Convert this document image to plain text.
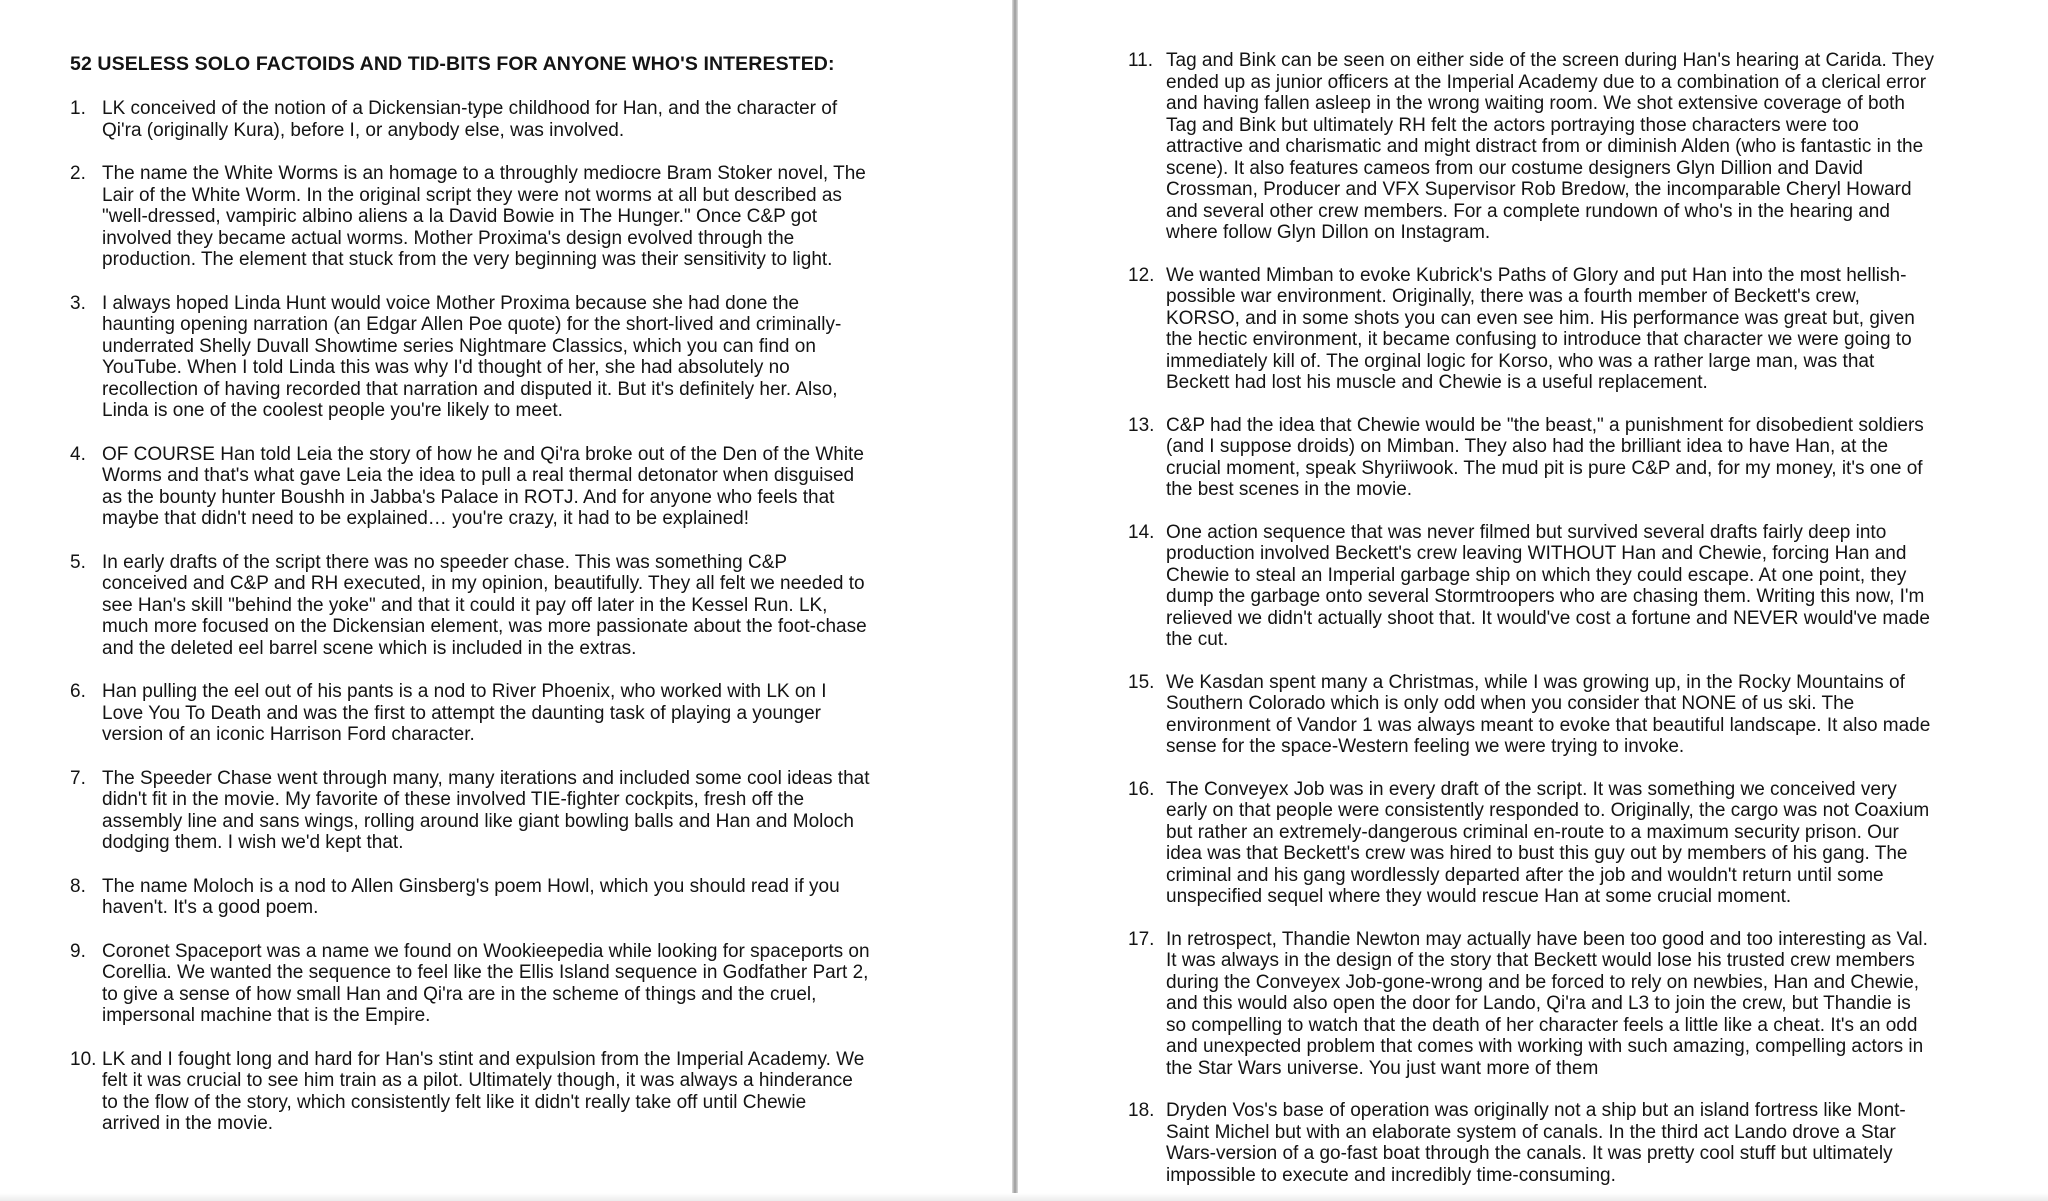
52 USELESS SOLO FACTOIDS AND TID-BITS FOR ANYONE WHO'S INTERESTED:
1. LK conceived of the notion of a Dickensian-type childhood for Han, and the character of
Qi'ra (originally Kura), before I, or anybody else, was involved.
2. The name the White Worms is an homage to a throughly mediocre Bram Stoker novel, The
Lair of the White Worm. In the original script they were not worms at all but described as
"well-dressed, vampiric albino aliens a la David Bowie in The Hunger." Once C&P got
involved they became actual worms. Mother Proxima's design evolved through the
production. The element that stuck from the very beginning was their sensitivity to light.
3. I always hoped Linda Hunt would voice Mother Proxima because she had done the
haunting opening narration (an Edgar Allen Poe quote) for the short-lived and criminally-
underrated Shelly Duvall Showtime series Nightmare Classics, which you can find on
YouTube. When I told Linda this was why I'd thought of her, she had absolutely no
recollection of having recorded that narration and disputed it. But it's definitely her. Also,
Linda is one of the coolest people you're likely to meet.
4. OF COURSE Han told Leia the story of how he and Qi'ra broke out of the Den of the White
Worms and that's what gave Leia the idea to pull a real thermal detonator when disguised
as the bounty hunter Boushh in Jabba's Palace in ROTJ. And for anyone who feels that
maybe that didn't need to be explained… you're crazy, it had to be explained!
5. In early drafts of the script there was no speeder chase. This was something C&P
conceived and C&P and RH executed, in my opinion, beautifully. They all felt we needed to
see Han's skill "behind the yoke" and that it could it pay off later in the Kessel Run. LK,
much more focused on the Dickensian element, was more passionate about the foot-chase
and the deleted eel barrel scene which is included in the extras.
6. Han pulling the eel out of his pants is a nod to River Phoenix, who worked with LK on I
Love You To Death and was the first to attempt the daunting task of playing a younger
version of an iconic Harrison Ford character.
7. The Speeder Chase went through many, many iterations and included some cool ideas that
didn't fit in the movie. My favorite of these involved TIE-fighter cockpits, fresh off the
assembly line and sans wings, rolling around like giant bowling balls and Han and Moloch
dodging them. I wish we'd kept that.
8. The name Moloch is a nod to Allen Ginsberg's poem Howl, which you should read if you
haven't. It's a good poem.
9. Coronet Spaceport was a name we found on Wookieepedia while looking for spaceports on
Corellia. We wanted the sequence to feel like the Ellis Island sequence in Godfather Part 2,
to give a sense of how small Han and Qi'ra are in the scheme of things and the cruel,
impersonal machine that is the Empire.
10. LK and I fought long and hard for Han's stint and expulsion from the Imperial Academy. We
felt it was crucial to see him train as a pilot. Ultimately though, it was always a hinderance
to the flow of the story, which consistently felt like it didn't really take off until Chewie
arrived in the movie.
11. Tag and Bink can be seen on either side of the screen during Han's hearing at Carida. They
ended up as junior officers at the Imperial Academy due to a combination of a clerical error
and having fallen asleep in the wrong waiting room. We shot extensive coverage of both
Tag and Bink but ultimately RH felt the actors portraying those characters were too
attractive and charismatic and might distract from or diminish Alden (who is fantastic in the
scene). It also features cameos from our costume designers Glyn Dillion and David
Crossman, Producer and VFX Supervisor Rob Bredow, the incomparable Cheryl Howard
and several other crew members. For a complete rundown of who's in the hearing and
where follow Glyn Dillon on Instagram.
12. We wanted Mimban to evoke Kubrick's Paths of Glory and put Han into the most hellish-
possible war environment. Originally, there was a fourth member of Beckett's crew,
KORSO, and in some shots you can even see him. His performance was great but, given
the hectic environment, it became confusing to introduce that character we were going to
immediately kill of. The orginal logic for Korso, who was a rather large man, was that
Beckett had lost his muscle and Chewie is a useful replacement.
13. C&P had the idea that Chewie would be "the beast," a punishment for disobedient soldiers
(and I suppose droids) on Mimban. They also had the brilliant idea to have Han, at the
crucial moment, speak Shyriiwook. The mud pit is pure C&P and, for my money, it's one of
the best scenes in the movie.
14. One action sequence that was never filmed but survived several drafts fairly deep into
production involved Beckett's crew leaving WITHOUT Han and Chewie, forcing Han and
Chewie to steal an Imperial garbage ship on which they could escape. At one point, they
dump the garbage onto several Stormtroopers who are chasing them. Writing this now, I'm
relieved we didn't actually shoot that. It would've cost a fortune and NEVER would've made
the cut.
15. We Kasdan spent many a Christmas, while I was growing up, in the Rocky Mountains of
Southern Colorado which is only odd when you consider that NONE of us ski. The
environment of Vandor 1 was always meant to evoke that beautiful landscape. It also made
sense for the space-Western feeling we were trying to invoke.
16. The Conveyex Job was in every draft of the script. It was something we conceived very
early on that people were consistently responded to. Originally, the cargo was not Coaxium
but rather an extremely-dangerous criminal en-route to a maximum security prison. Our
idea was that Beckett's crew was hired to bust this guy out by members of his gang. The
criminal and his gang wordlessly departed after the job and wouldn't return until some
unspecified sequel where they would rescue Han at some crucial moment.
17. In retrospect, Thandie Newton may actually have been too good and too interesting as Val.
It was always in the design of the story that Beckett would lose his trusted crew members
during the Conveyex Job-gone-wrong and be forced to rely on newbies, Han and Chewie,
and this would also open the door for Lando, Qi'ra and L3 to join the crew, but Thandie is
so compelling to watch that the death of her character feels a little like a cheat. It's an odd
and unexpected problem that comes with working with such amazing, compelling actors in
the Star Wars universe. You just want more of them
18. Dryden Vos's base of operation was originally not a ship but an island fortress like Mont-
Saint Michel but with an elaborate system of canals. In the third act Lando drove a Star
Wars-version of a go-fast boat through the canals. It was pretty cool stuff but ultimately
impossible to execute and incredibly time-consuming.
